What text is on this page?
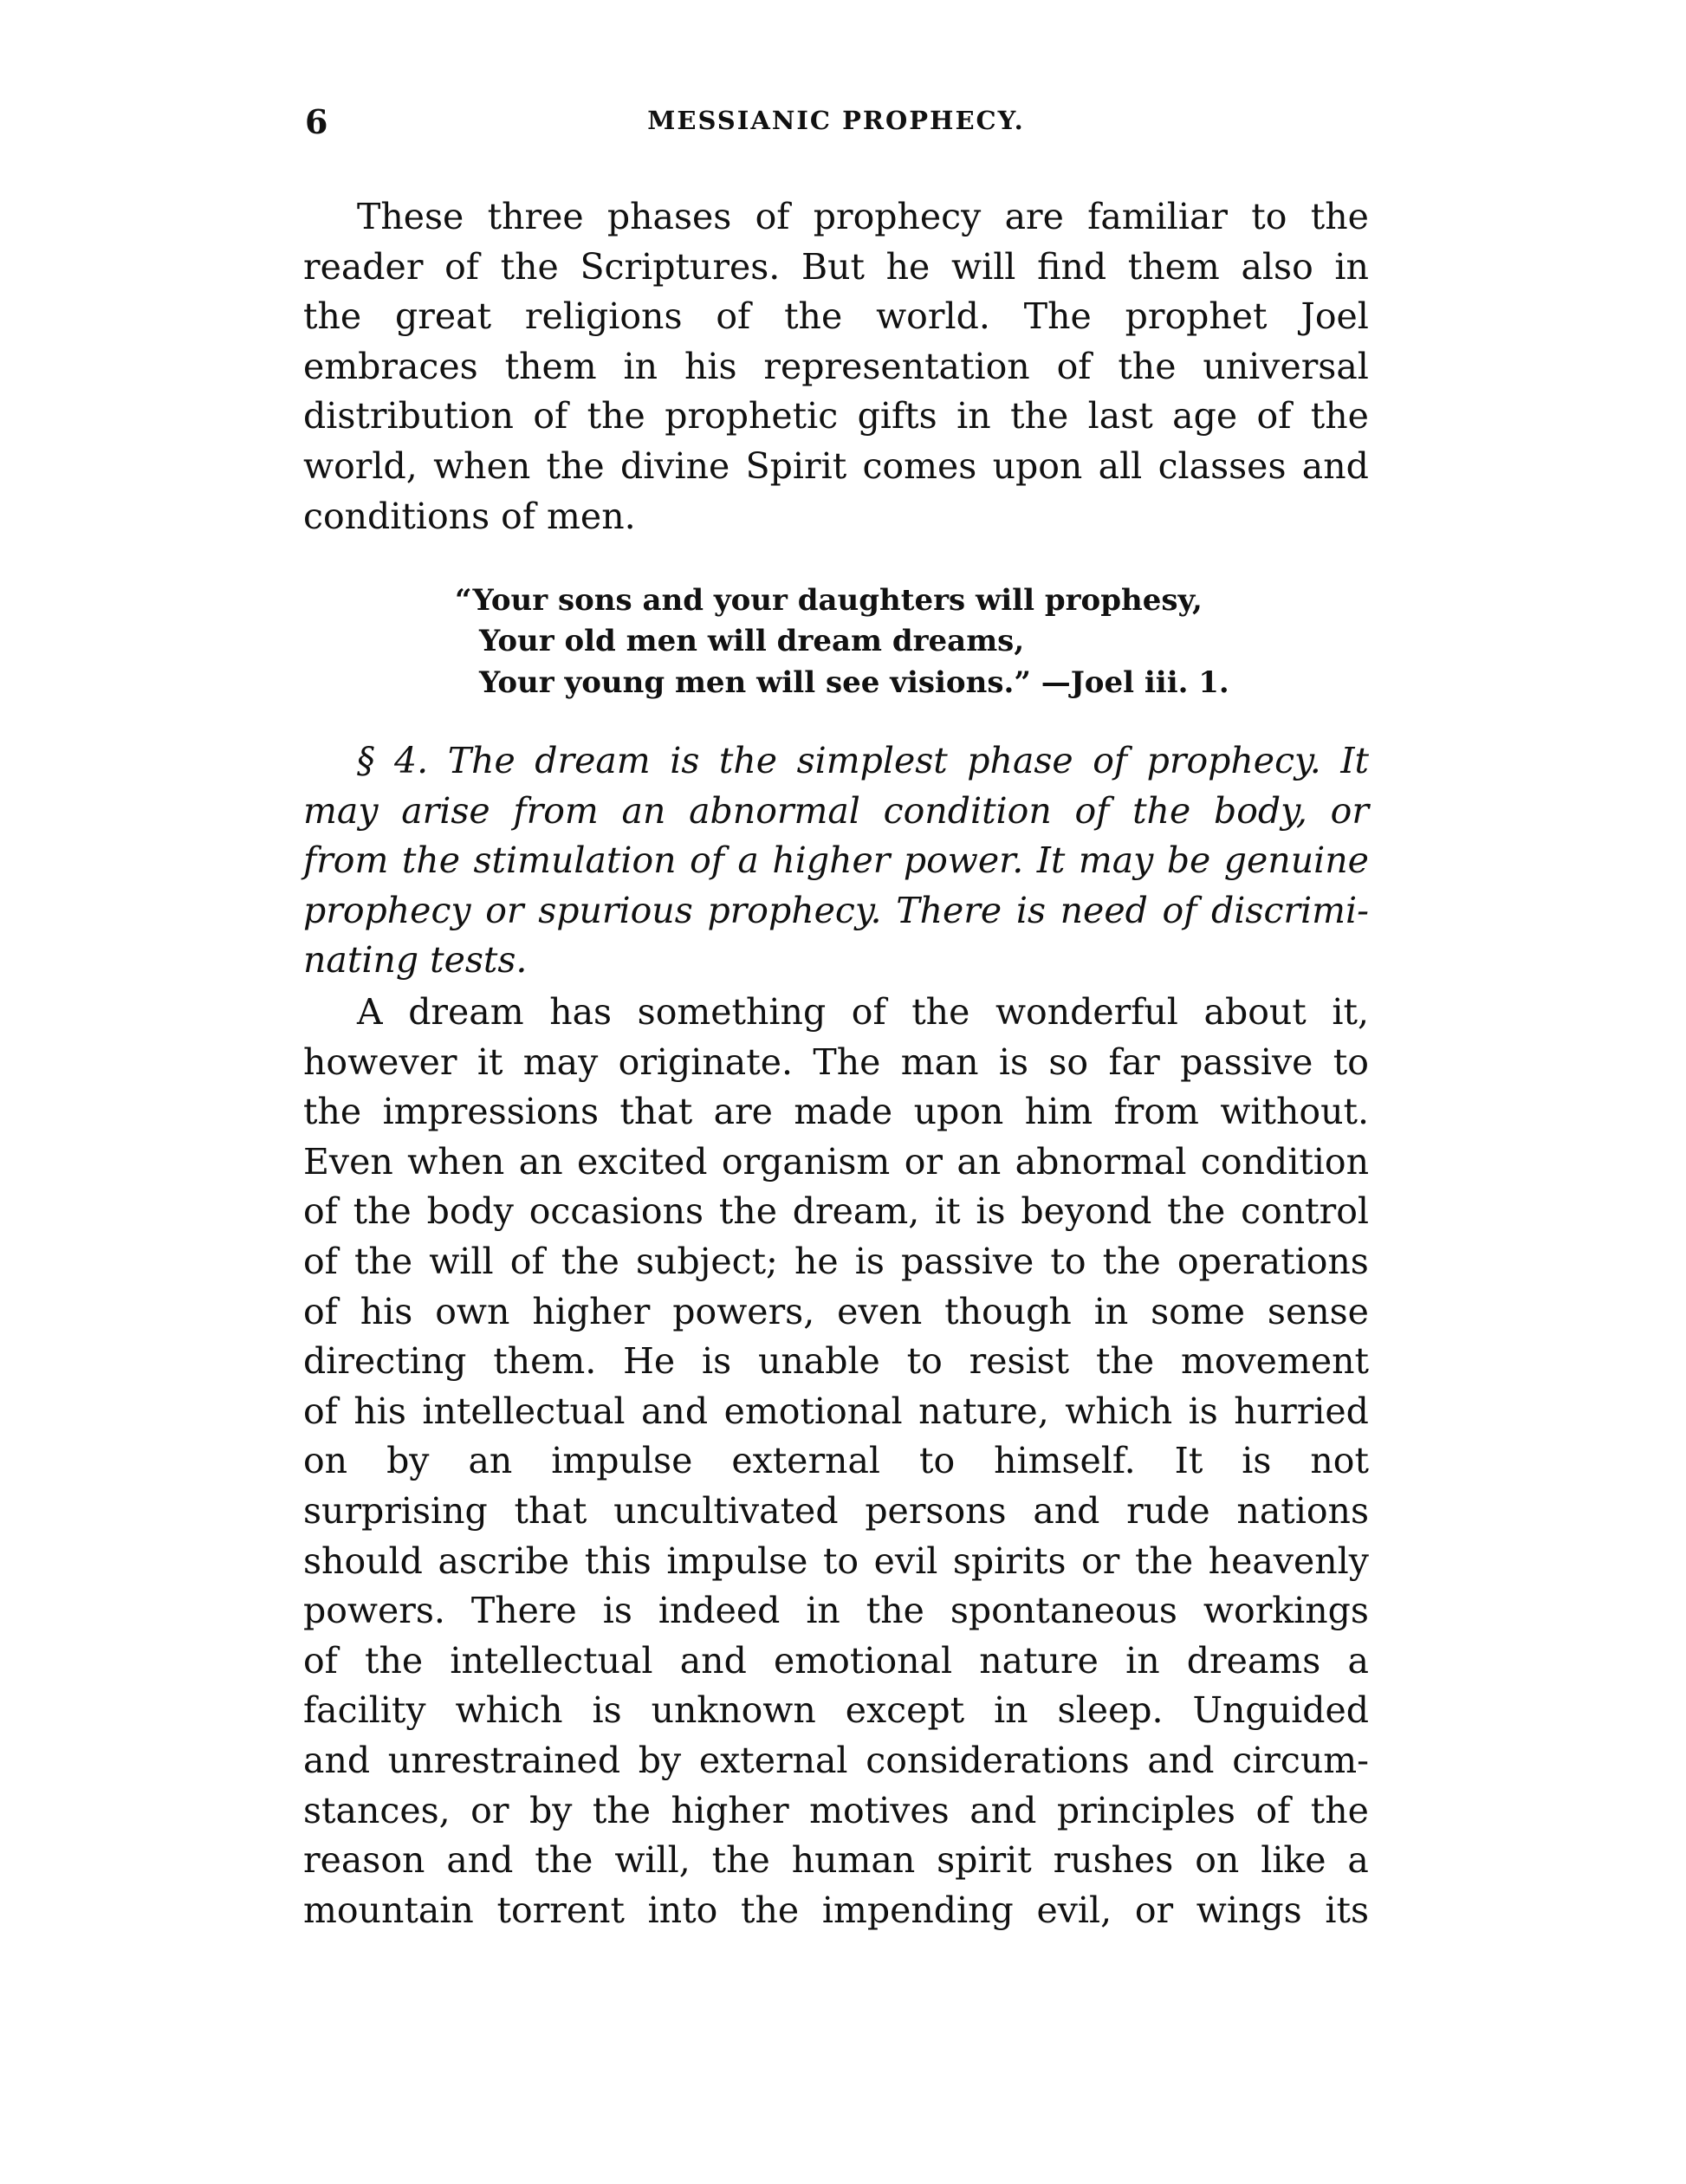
6	MESSIANIC PROPHECY.
These three phases of prophecy are familiar to the
reader of the Scriptures. But he will find them also in
the great religions of the world. The prophet Joel
embraces them in his representation of the universal
distribution of the prophetic gifts in the last age of the
world, when the divine Spirit comes upon all classes and
conditions of men.
“Your sons and your daughters will prophesy,
Your old men will dream dreams,
Your young men will see visions.” —Joel iii. 1.
§ 4. The dream is the simplest phase of prophecy. It
may arise from an abnormal condition of the body, or
from the stimulation of a higher power. It may be genuine
prophecy or spurious prophecy. There is need of discrimi-
nating tests.
A dream has something of the wonderful about it,
however it may originate. The man is so far passive to
the impressions that are made upon him from without.
Even when an excited organism or an abnormal condition
of the body occasions the dream, it is beyond the control
of the will of the subject; he is passive to the operations
of his own higher powers, even though in some sense
directing them. He is unable to resist the movement
of his intellectual and emotional nature, which is hurried
on by an impulse external to himself. It is not
surprising that uncultivated persons and rude nations
should ascribe this impulse to evil spirits or the heavenly
powers. There is indeed in the spontaneous workings
of the intellectual and emotional nature in dreams a
facility which is unknown except in sleep. Unguided
and unrestrained by external considerations and circum-
stances, or by the higher motives and principles of the
reason and the will, the human spirit rushes on like a
mountain torrent into the impending evil, or wings its
